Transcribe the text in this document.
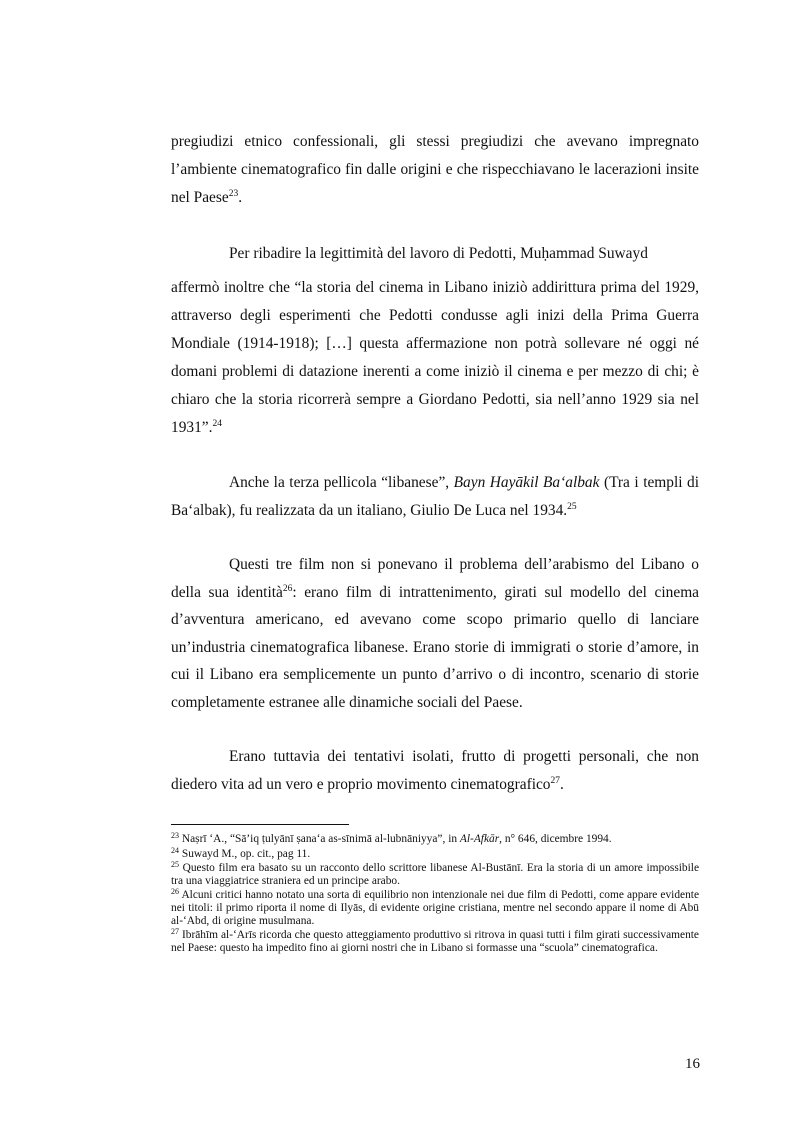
pregiudizi etnico confessionali, gli stessi pregiudizi che avevano impregnato l’ambiente cinematografico fin dalle origini e che rispecchiavano le lacerazioni insite nel Paese$^{23}$.

Per ribadire la legittimità del lavoro di Pedotti, Muḥammad Suwayd
affermò inoltre che “la storia del cinema in Libano iniziò addirittura prima del 1929, attraverso degli esperimenti che Pedotti condusse agli inizi della Prima Guerra Mondiale (1914-1918); […] questa affermazione non potrà sollevare né oggi né domani problemi di datazione inerenti a come iniziò il cinema e per mezzo di chi; è chiaro che la storia ricorrerà sempre a Giordano Pedotti, sia nell’anno 1929 sia nel 1931”.$^{24}$

Anche la terza pellicola “libanese”, Bayn Hayākil Ba‘albak (Tra i templi di Ba‘albak), fu realizzata da un italiano, Giulio De Luca nel 1934.25

Questi tre film non si ponevano il problema dell’arabismo del Libano o della sua identità$^{26}$: erano film di intrattenimento, girati sul modello del cinema d’avventura americano, ed avevano come scopo primario quello di lanciare un’industria cinematografica libanese. Erano storie di immigrati o storie d’amore, in cui il Libano era semplicemente un punto d’arrivo o di incontro, scenario di storie completamente estranee alle dinamiche sociali del Paese.

Erano tuttavia dei tentativi isolati, frutto di progetti personali, che non diedero vita ad un vero e proprio movimento cinematografico$^{27}$.

$^{23}$ Naṣrī ‘A., “Sā’iq ṭulyānī ṣana‘a as-sīnimā al-lubnāniyya”, in Al-Afkār, n° 646, dicembre 1994.

$^{24}$ Suwayd M., op. cit., pag 11.

$^{25}$ Questo film era basato su un racconto dello scrittore libanese Al-Bustānī. Era la storia di un amore impossibile tra una viaggiatrice straniera ed un principe arabo.

$^{26}$ Alcuni critici hanno notato una sorta di equilibrio non intenzionale nei due film di Pedotti, come appare evidente nei titoli: il primo riporta il nome di Ilyās, di evidente origine cristiana, mentre nel secondo appare il nome di Abū al-‘Abd, di origine musulmana.

$^{27}$ Ibrāhīm al-‘Arīs ricorda che questo atteggiamento produttivo si ritrova in quasi tutti i film girati successivamente nel Paese: questo ha impedito fino ai giorni nostri che in Libano si formasse una “scuola” cinematografica.

16
